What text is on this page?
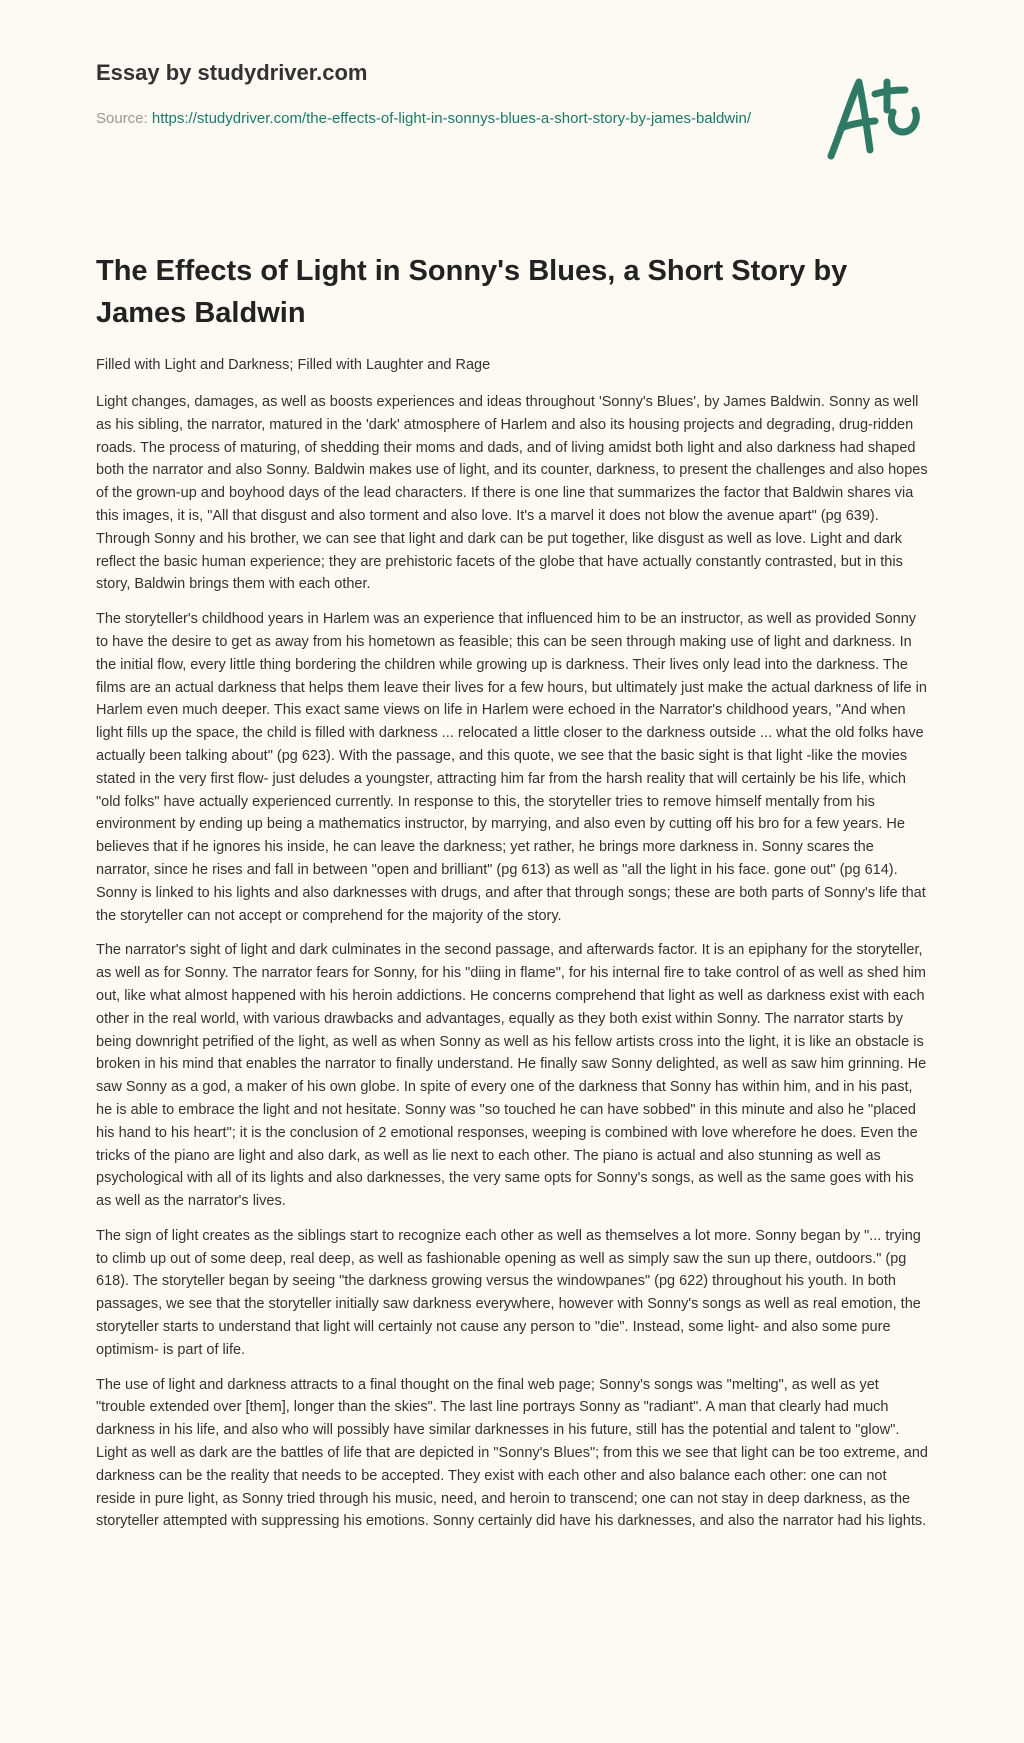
Essay by studydriver.com
Source: https://studydriver.com/the-effects-of-light-in-sonnys-blues-a-short-story-by-james-baldwin/
The Effects of Light in Sonny's Blues, a Short Story by James Baldwin

Filled with Light and Darkness; Filled with Laughter and Rage

Light changes, damages, as well as boosts experiences and ideas throughout 'Sonny's Blues', by James Baldwin. Sonny as well as his sibling, the narrator, matured in the 'dark' atmosphere of Harlem and also its housing projects and degrading, drug-ridden roads. The process of maturing, of shedding their moms and dads, and of living amidst both light and also darkness had shaped both the narrator and also Sonny. Baldwin makes use of light, and its counter, darkness, to present the challenges and also hopes of the grown-up and boyhood days of the lead characters. If there is one line that summarizes the factor that Baldwin shares via this images, it is, "All that disgust and also torment and also love. It's a marvel it does not blow the avenue apart" (pg 639). Through Sonny and his brother, we can see that light and dark can be put together, like disgust as well as love. Light and dark reflect the basic human experience; they are prehistoric facets of the globe that have actually constantly contrasted, but in this story, Baldwin brings them with each other.

The storyteller's childhood years in Harlem was an experience that influenced him to be an instructor, as well as provided Sonny to have the desire to get as away from his hometown as feasible; this can be seen through making use of light and darkness. In the initial flow, every little thing bordering the children while growing up is darkness. Their lives only lead into the darkness. The films are an actual darkness that helps them leave their lives for a few hours, but ultimately just make the actual darkness of life in Harlem even much deeper. This exact same views on life in Harlem were echoed in the Narrator's childhood years, "And when light fills up the space, the child is filled with darkness ... relocated a little closer to the darkness outside ... what the old folks have actually been talking about" (pg 623). With the passage, and this quote, we see that the basic sight is that light -like the movies stated in the very first flow- just deludes a youngster, attracting him far from the harsh reality that will certainly be his life, which "old folks" have actually experienced currently. In response to this, the storyteller tries to remove himself mentally from his environment by ending up being a mathematics instructor, by marrying, and also even by cutting off his bro for a few years. He believes that if he ignores his inside, he can leave the darkness; yet rather, he brings more darkness in. Sonny scares the narrator, since he rises and fall in between "open and brilliant" (pg 613) as well as "all the light in his face. gone out" (pg 614). Sonny is linked to his lights and also darknesses with drugs, and after that through songs; these are both parts of Sonny's life that the storyteller can not accept or comprehend for the majority of the story.

The narrator's sight of light and dark culminates in the second passage, and afterwards factor. It is an epiphany for the storyteller, as well as for Sonny. The narrator fears for Sonny, for his "diing in flame", for his internal fire to take control of as well as shed him out, like what almost happened with his heroin addictions. He concerns comprehend that light as well as darkness exist with each other in the real world, with various drawbacks and advantages, equally as they both exist within Sonny. The narrator starts by being downright petrified of the light, as well as when Sonny as well as his fellow artists cross into the light, it is like an obstacle is broken in his mind that enables the narrator to finally understand. He finally saw Sonny delighted, as well as saw him grinning. He saw Sonny as a god, a maker of his own globe. In spite of every one of the darkness that Sonny has within him, and in his past, he is able to embrace the light and not hesitate. Sonny was "so touched he can have sobbed" in this minute and also he "placed his hand to his heart"; it is the conclusion of 2 emotional responses, weeping is combined with love wherefore he does. Even the tricks of the piano are light and also dark, as well as lie next to each other. The piano is actual and also stunning as well as psychological with all of its lights and also darknesses, the very same opts for Sonny's songs, as well as the same goes with his as well as the narrator's lives.

The sign of light creates as the siblings start to recognize each other as well as themselves a lot more. Sonny began by "... trying to climb up out of some deep, real deep, as well as fashionable opening as well as simply saw the sun up there, outdoors." (pg 618). The storyteller began by seeing "the darkness growing versus the windowpanes" (pg 622) throughout his youth. In both passages, we see that the storyteller initially saw darkness everywhere, however with Sonny's songs as well as real emotion, the storyteller starts to understand that light will certainly not cause any person to "die". Instead, some light- and also some pure optimism- is part of life.

The use of light and darkness attracts to a final thought on the final web page; Sonny's songs was "melting", as well as yet "trouble extended over [them], longer than the skies". The last line portrays Sonny as "radiant". A man that clearly had much darkness in his life, and also who will possibly have similar darknesses in his future, still has the potential and talent to "glow". Light as well as dark are the battles of life that are depicted in "Sonny's Blues"; from this we see that light can be too extreme, and darkness can be the reality that needs to be accepted. They exist with each other and also balance each other: one can not reside in pure light, as Sonny tried through his music, need, and heroin to transcend; one can not stay in deep darkness, as the storyteller attempted with suppressing his emotions. Sonny certainly did have his darknesses, and also the narrator had his lights.
